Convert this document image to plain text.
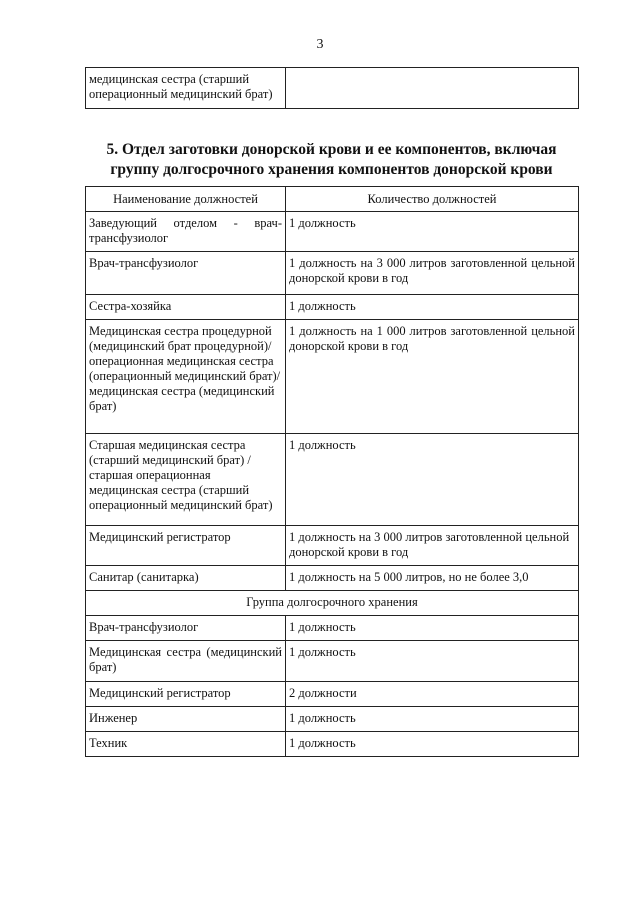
3
медицинская сестра (старший операционный медицинский брат)	
5. Отдел заготовки донорской крови и ее компонентов, включая группу долгосрочного хранения компонентов донорской крови
Наименование должностей	Количество должностей
Заведующий отделом - врач-трансфузиолог	1 должность
Врач-трансфузиолог	1 должность на 3 000 литров заготовленной цельной донорской крови в год
Сестра-хозяйка	1 должность
Медицинская сестра процедурной (медицинский брат процедурной)/операционная медицинская сестра (операционный медицинский брат)/медицинская сестра (медицинский брат)	1 должность на 1 000 литров заготовленной цельной донорской крови в год
Старшая медицинская сестра (старший медицинский брат) /старшая операционная медицинская сестра (старший операционный медицинский брат)	1 должность
Медицинский регистратор	1 должность на 3 000 литров заготовленной цельной донорской крови в год
Санитар (санитарка)	1 должность на 5 000 литров, но не более 3,0
Группа долгосрочного хранения	
Врач-трансфузиолог	1 должность
Медицинская сестра (медицинский брат)	1 должность
Медицинский регистратор	2 должности
Инженер	1 должность
Техник	1 должность
